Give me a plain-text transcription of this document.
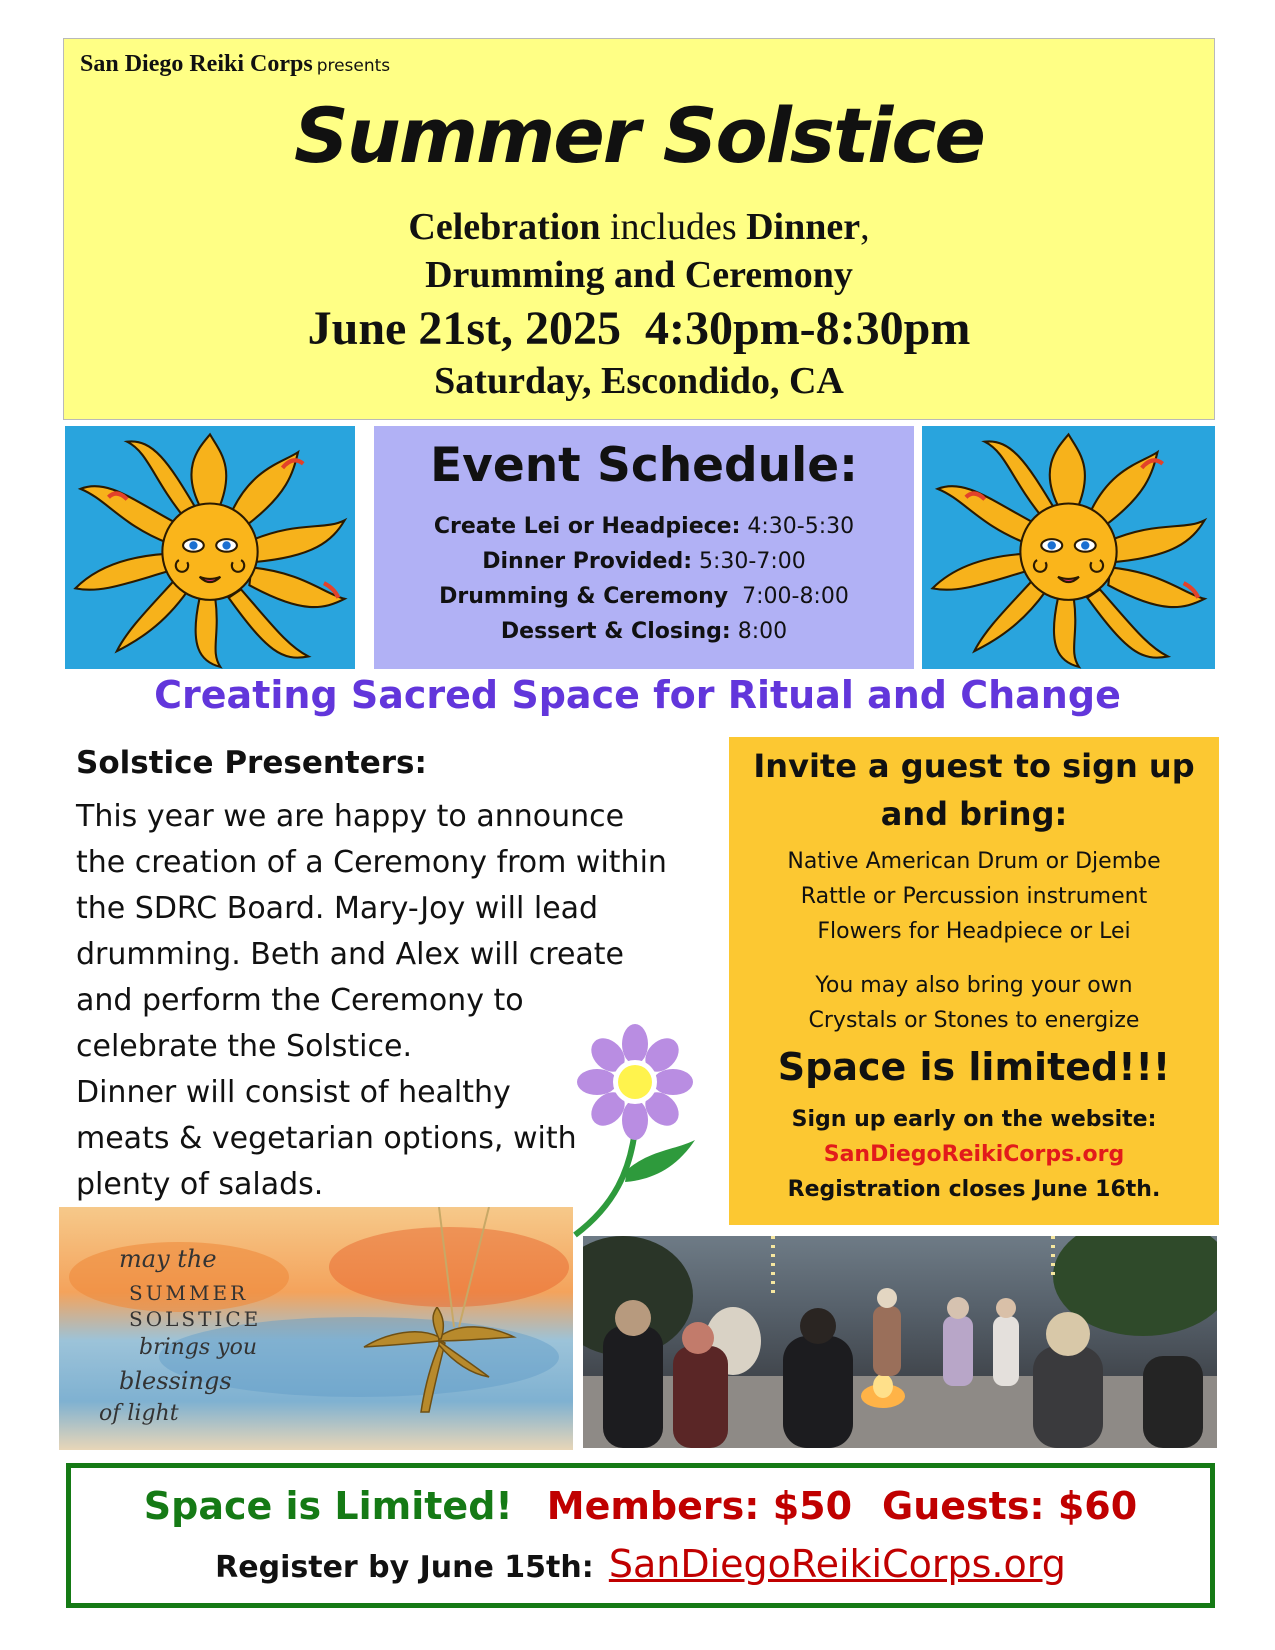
San Diego Reiki Corps presents
Summer Solstice
Celebration includes Dinner,
Drumming and Ceremony
June 21st, 2025  4:30pm-8:30pm
Saturday, Escondido, CA
Event Schedule:
Create Lei or Headpiece: 4:30-5:30
Dinner Provided: 5:30-7:00
Drumming & Ceremony  7:00-8:00
Dessert & Closing: 8:00
Creating Sacred Space for Ritual and Change
Solstice Presenters:
This year we are happy to announce
the creation of a Ceremony from within
the SDRC Board. Mary-Joy will lead
drumming. Beth and Alex will create
and perform the Ceremony to
celebrate the Solstice.
Dinner will consist of healthy
meats & vegetarian options, with
plenty of salads.
Invite a guest to sign up
and bring:
Native American Drum or Djembe
Rattle or Percussion instrument
Flowers for Headpiece or Lei
You may also bring your own
Crystals or Stones to energize
Space is limited!!!
Sign up early on the website:
SanDiegoReikiCorps.org
Registration closes June 16th.
may the
SUMMER
SOLSTICE
brings you
blessings
of light
Space is Limited! Members: $50 Guests: $60
Register by June 15th: SanDiegoReikiCorps.org
